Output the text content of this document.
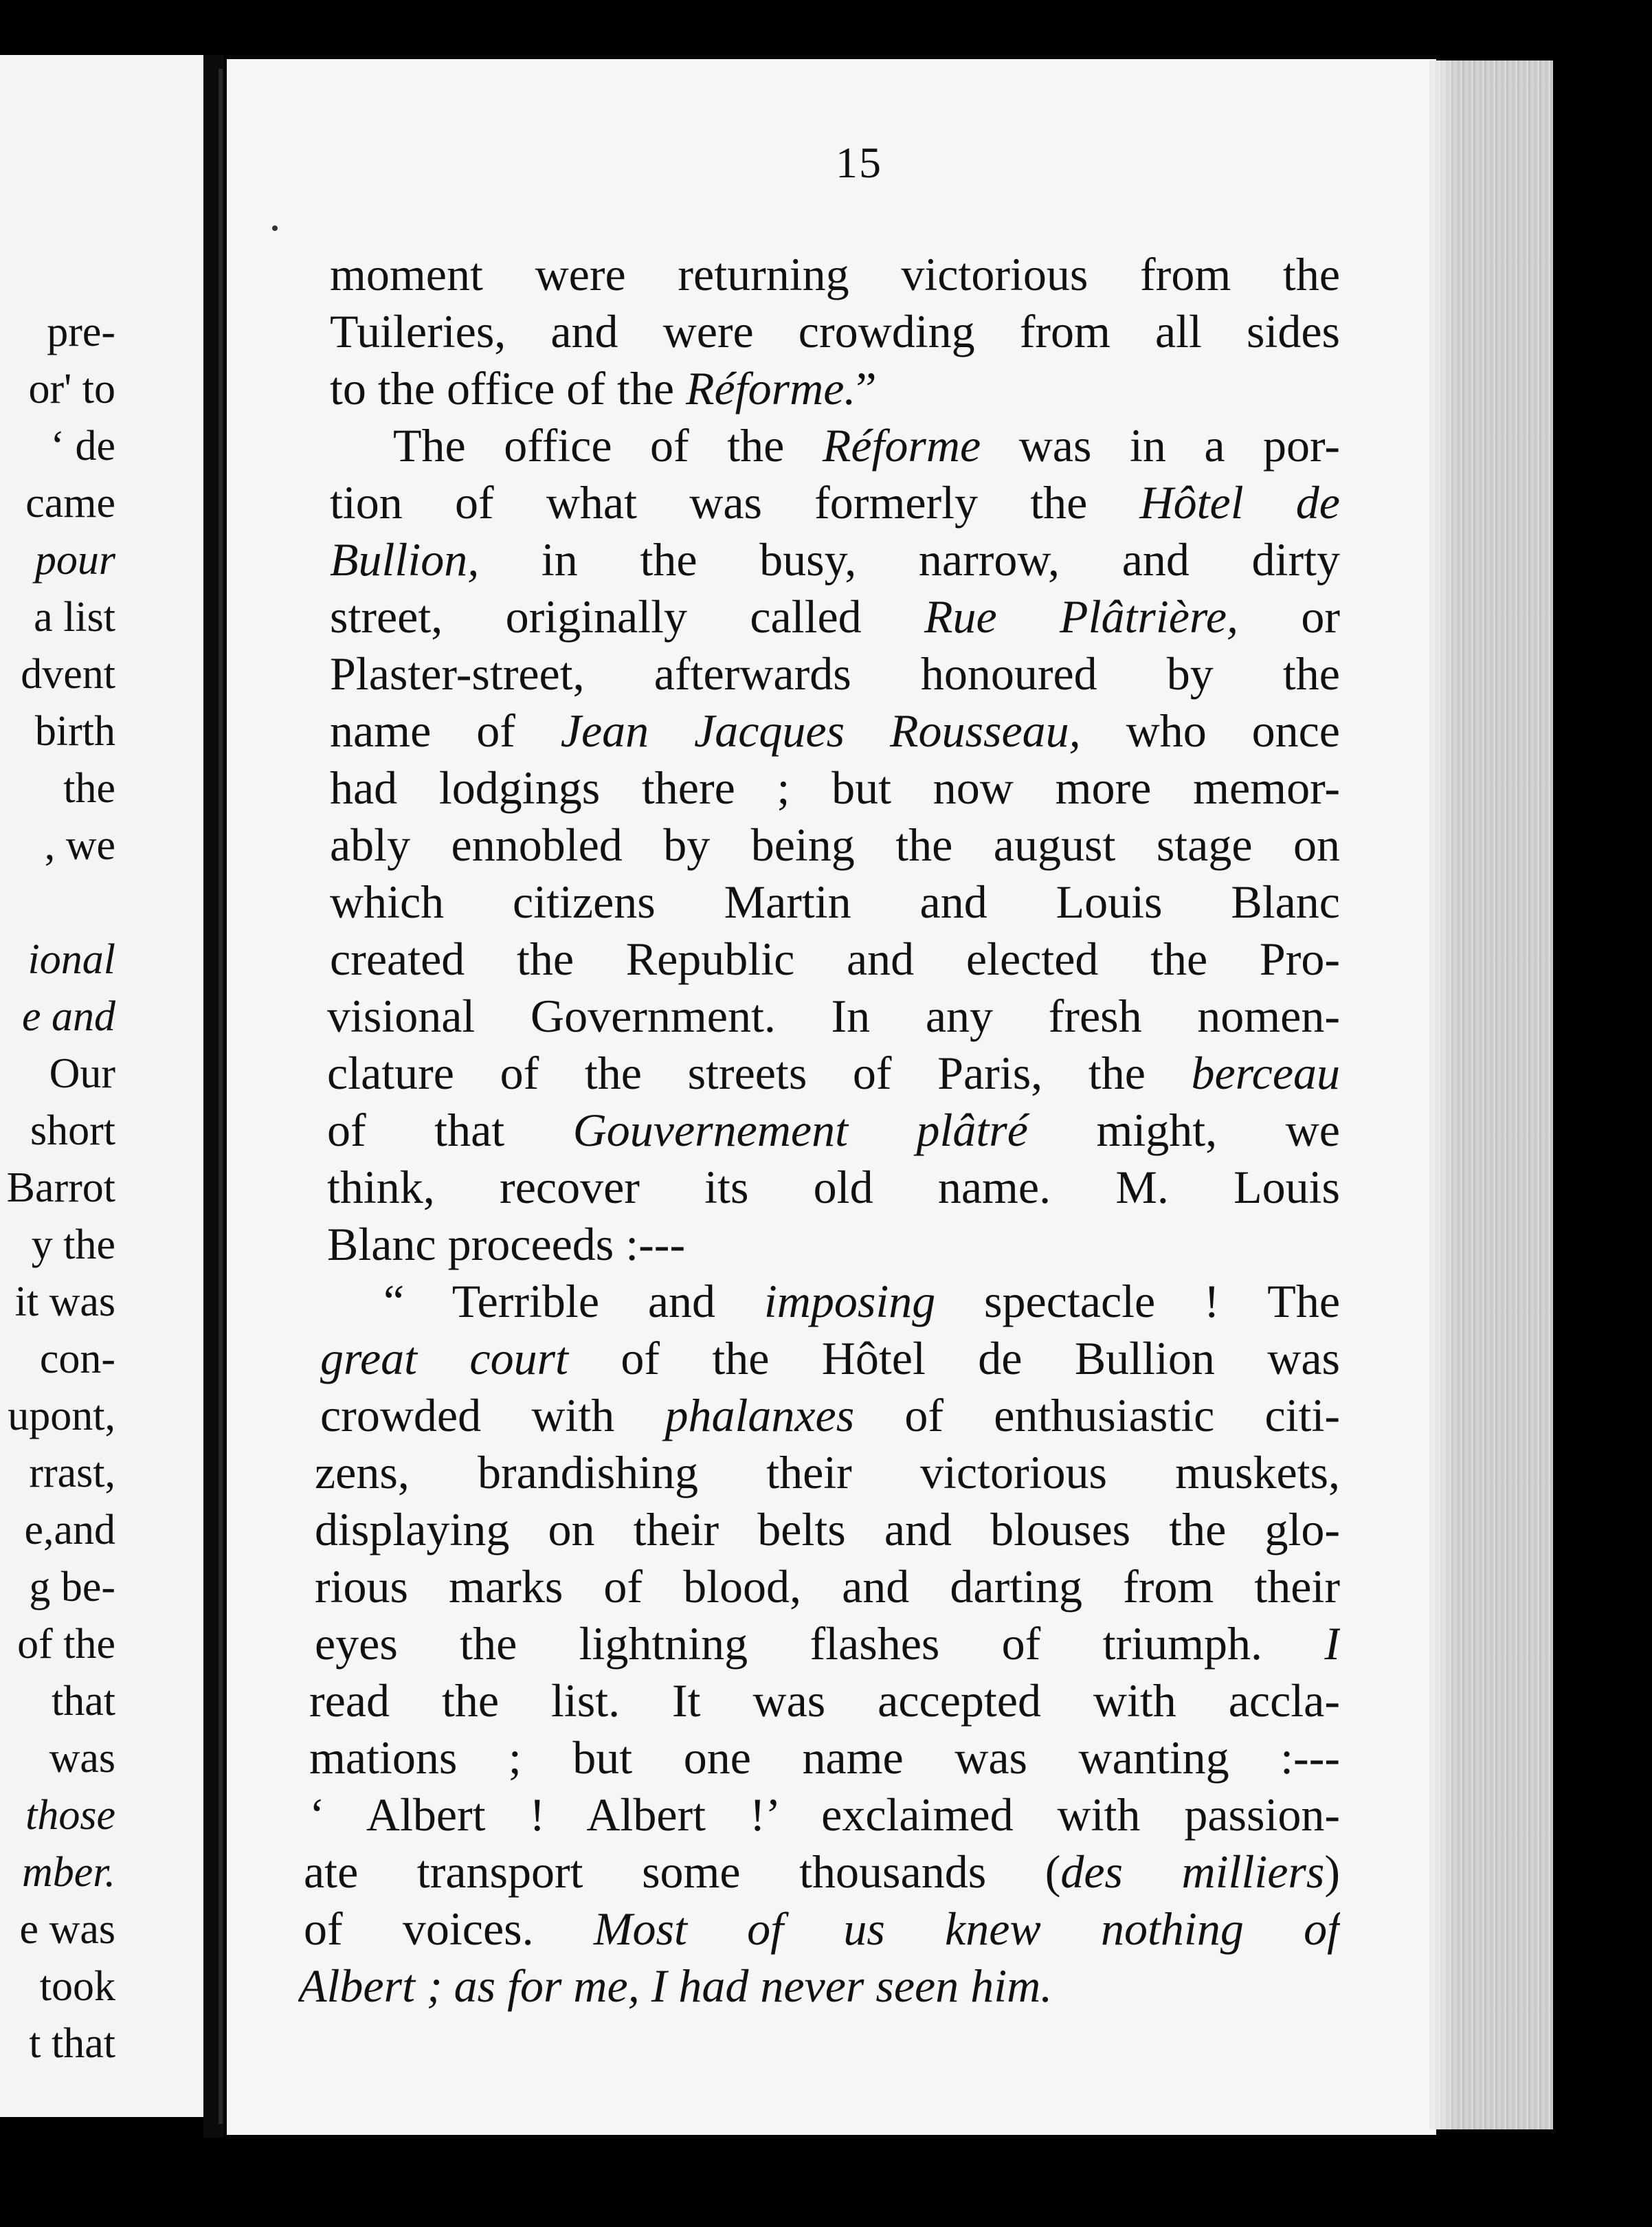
pre-
or' to
‘ de
came
pour
a list
dvent
birth
the
, we

ional
e and
Our
short
Barrot
y the
it was
con-
upont,
rrast,
e,and
g be-
of the
that
was
those
mber.
e was
took
t that
15
moment were returning victorious from the
Tuileries, and were crowding from all sides
to the office of the Réforme.”
The office of the Réforme was in a por-
tion of what was formerly the Hôtel de
Bullion, in the busy, narrow, and dirty
street, originally called Rue Plâtrière, or
Plaster-street, afterwards honoured by the
name of Jean Jacques Rousseau, who once
had lodgings there ; but now more memor-
ably ennobled by being the august stage on
which citizens Martin and Louis Blanc
created the Republic and elected the Pro-
visional Government. In any fresh nomen-
clature of the streets of Paris, the berceau
of that Gouvernement plâtré might, we
think, recover its old name. M. Louis
Blanc proceeds :---
“ Terrible and imposing spectacle ! The
great court of the Hôtel de Bullion was
crowded with phalanxes of enthusiastic citi-
zens, brandishing their victorious muskets,
displaying on their belts and blouses the glo-
rious marks of blood, and darting from their
eyes the lightning flashes of triumph. I
read the list. It was accepted with accla-
mations ; but one name was wanting :---
‘ Albert ! Albert !’ exclaimed with passion-
ate transport some thousands (des milliers)
of voices. Most of us knew nothing of
Albert ; as for me, I had never seen him.
